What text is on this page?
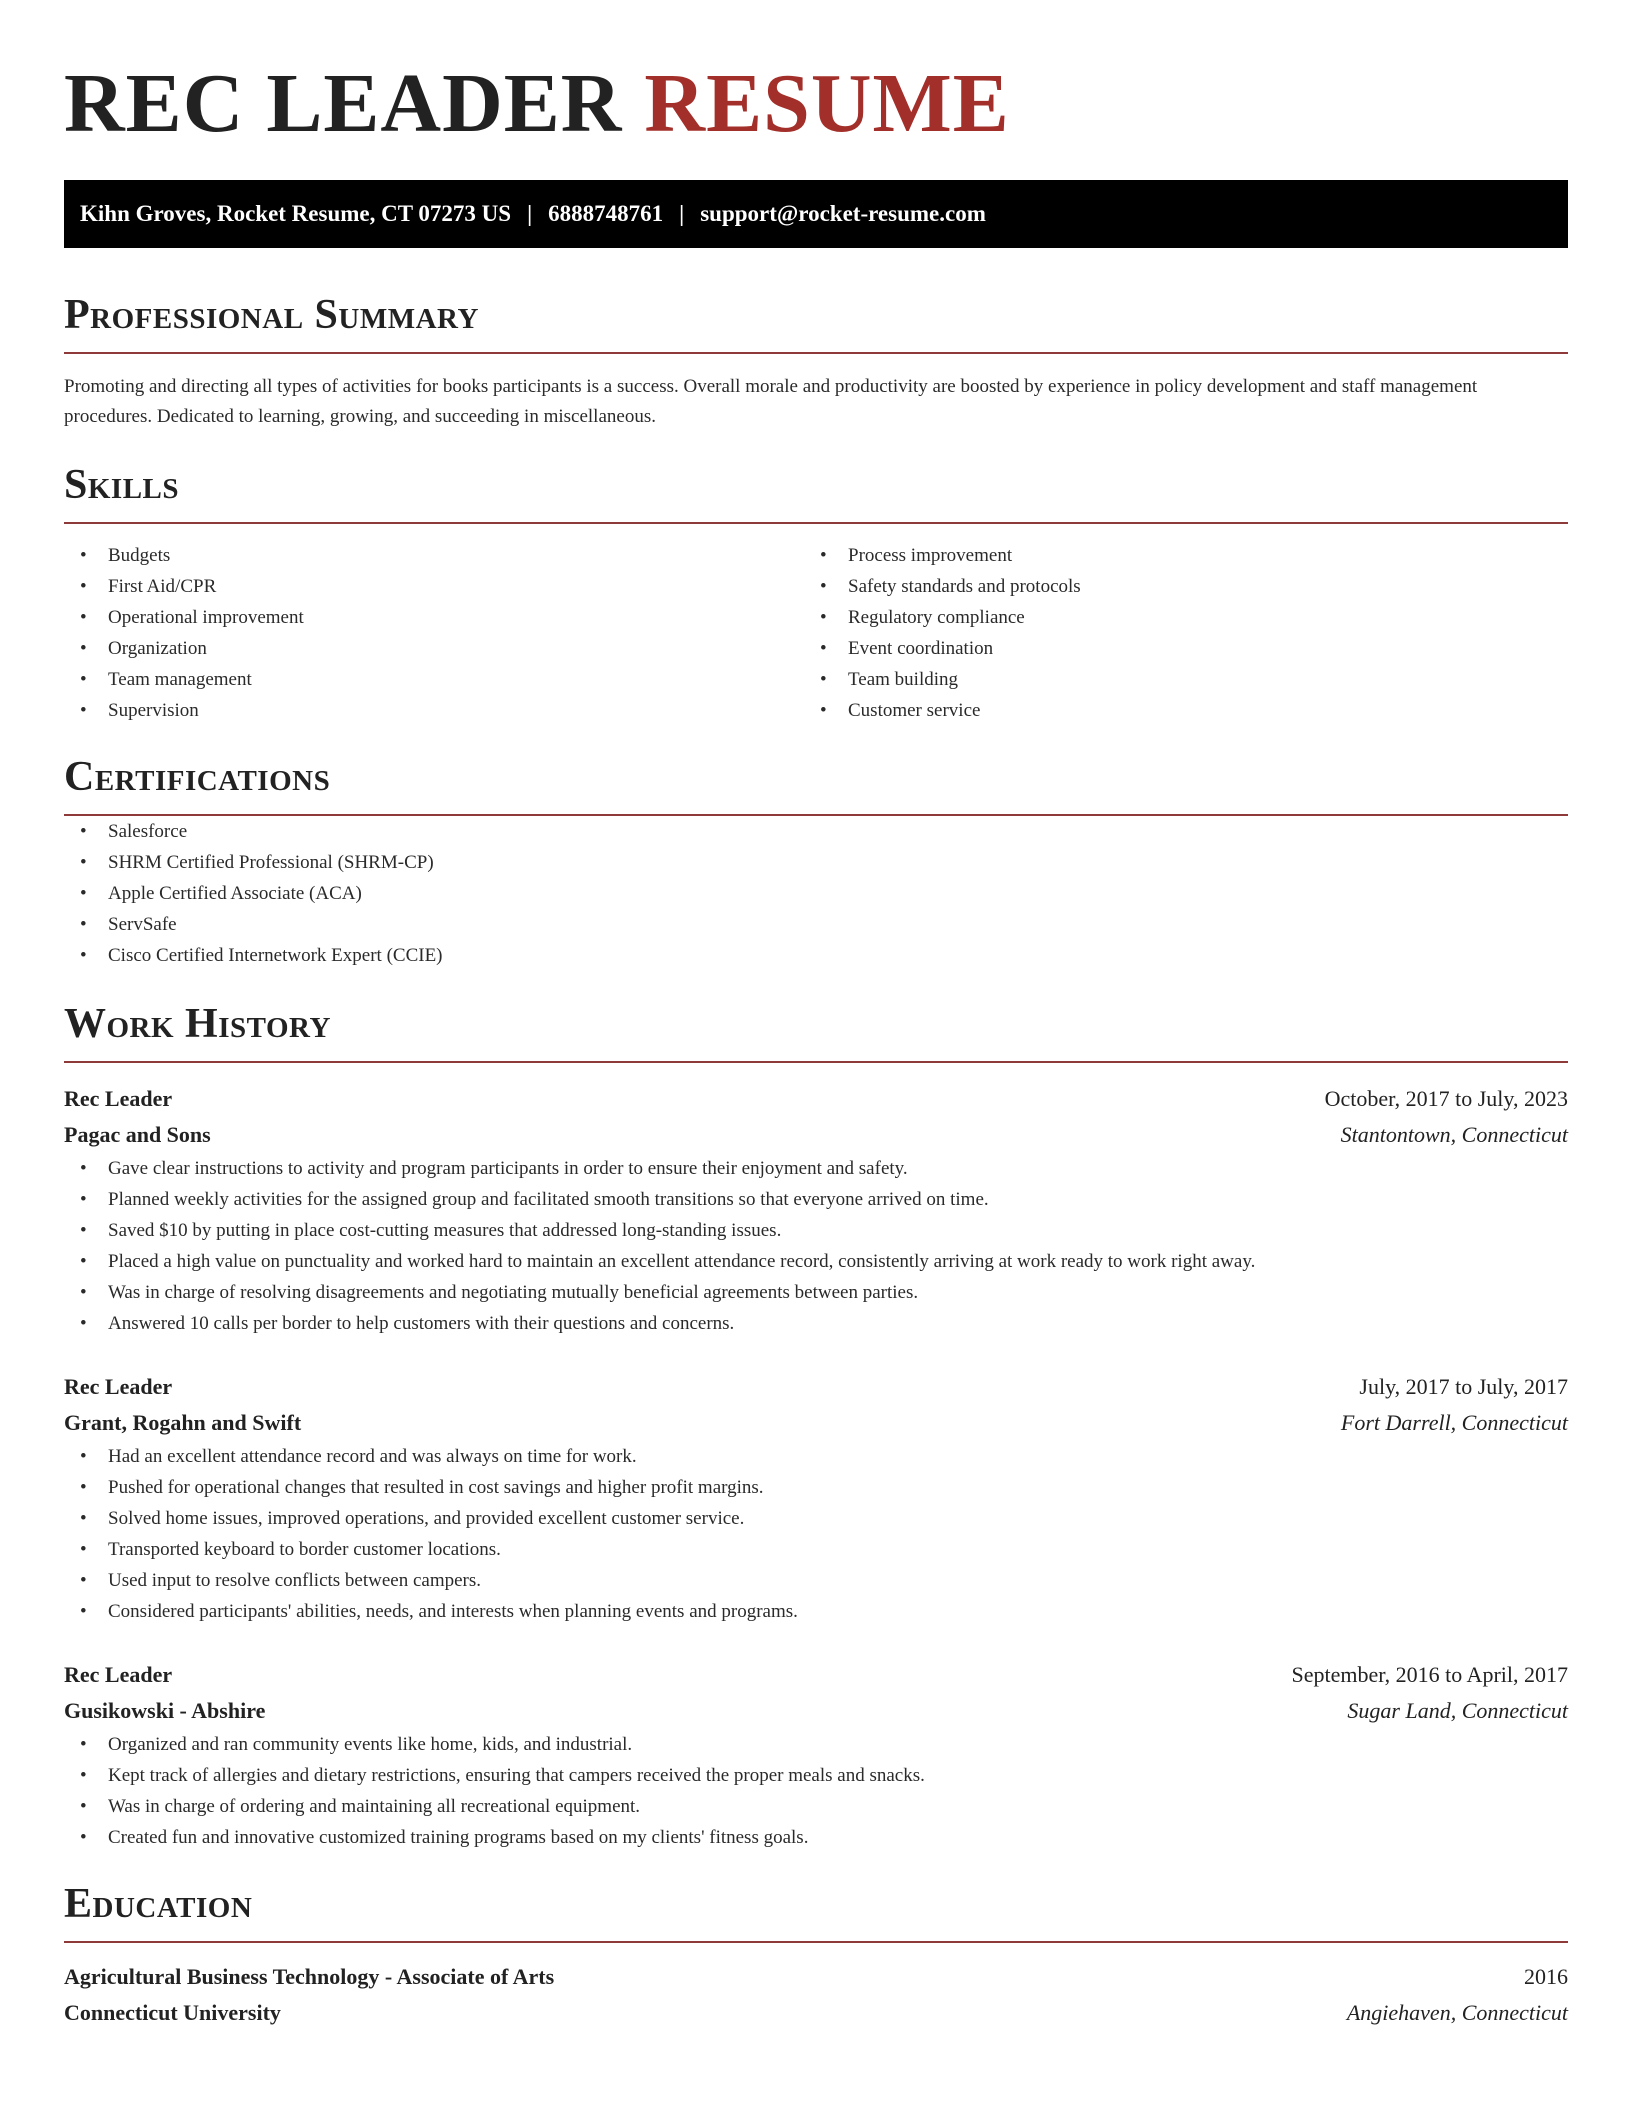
REC LEADER RESUME
Kihn Groves, Rocket Resume, CT 07273 US | 6888748761 | support@rocket-resume.com
Professional Summary

Promoting and directing all types of activities for books participants is a success. Overall morale and productivity are boosted by experience in policy development and staff management procedures. Dedicated to learning, growing, and succeeding in miscellaneous.

Skills
• Budgets
• First Aid/CPR
• Operational improvement
• Organization
• Team management
• Supervision
• Process improvement
• Safety standards and protocols
• Regulatory compliance
• Event coordination
• Team building
• Customer service
Certifications
• Salesforce
• SHRM Certified Professional (SHRM-CP)
• Apple Certified Associate (ACA)
• ServSafe
• Cisco Certified Internetwork Expert (CCIE)
Work History
Rec Leader	October, 2017 to July, 2023
Pagac and Sons	Stantontown, Connecticut
• Gave clear instructions to activity and program participants in order to ensure their enjoyment and safety.
• Planned weekly activities for the assigned group and facilitated smooth transitions so that everyone arrived on time.
• Saved $10 by putting in place cost-cutting measures that addressed long-standing issues.
• Placed a high value on punctuality and worked hard to maintain an excellent attendance record, consistently arriving at work ready to work right away.
• Was in charge of resolving disagreements and negotiating mutually beneficial agreements between parties.
• Answered 10 calls per border to help customers with their questions and concerns.
Rec Leader	July, 2017 to July, 2017
Grant, Rogahn and Swift	Fort Darrell, Connecticut
• Had an excellent attendance record and was always on time for work.
• Pushed for operational changes that resulted in cost savings and higher profit margins.
• Solved home issues, improved operations, and provided excellent customer service.
• Transported keyboard to border customer locations.
• Used input to resolve conflicts between campers.
• Considered participants' abilities, needs, and interests when planning events and programs.
Rec Leader	September, 2016 to April, 2017
Gusikowski - Abshire	Sugar Land, Connecticut
• Organized and ran community events like home, kids, and industrial.
• Kept track of allergies and dietary restrictions, ensuring that campers received the proper meals and snacks.
• Was in charge of ordering and maintaining all recreational equipment.
• Created fun and innovative customized training programs based on my clients' fitness goals.
Education
Agricultural Business Technology - Associate of Arts	2016
Connecticut University	Angiehaven, Connecticut
